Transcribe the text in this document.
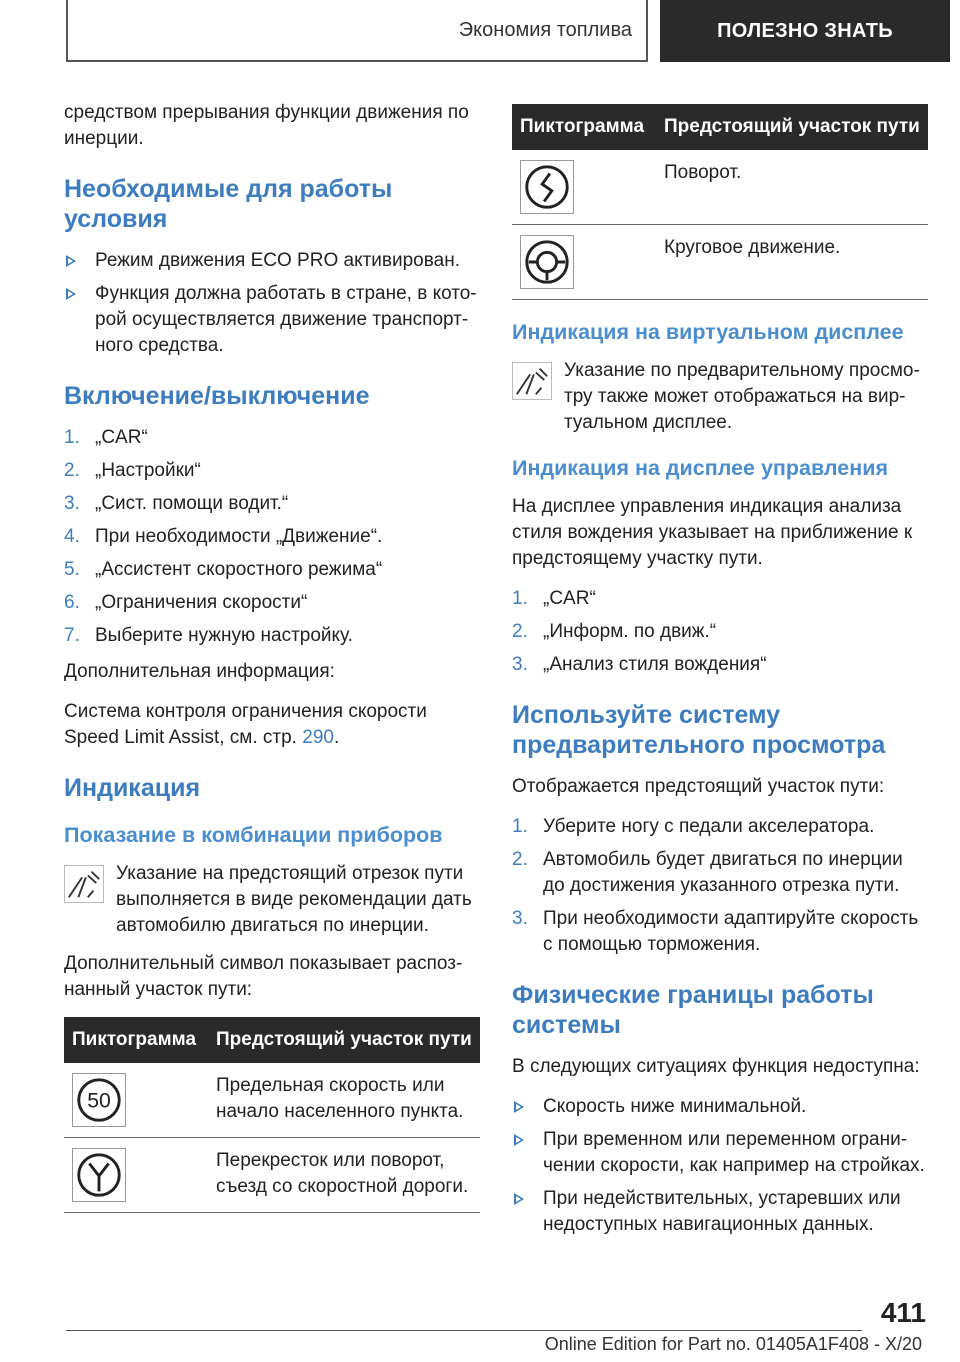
Экономия топлива	ПОЛЕЗНО ЗНАТЬ

средством прерывания функции движения по инерции.

Необходимые для работы условия
Режим движения ECO PRO активирован.
Функция должна работать в стране, в которой осуществляется движение транспортного средства.
Включение/выключение
1. „CAR“
2. „Настройки“
3. „Сист. помощи водит.“
4. При необходимости „Движение“.
5. „Ассистент скоростного режима“
6. „Ограничения скорости“
7. Выберите нужную настройку.

Дополнительная информация:

Система контроля ограничения скорости Speed Limit Assist, см. стр. 290.

Индикация
Показание в комбинации приборов

Указание на предстоящий отрезок пути выполняется в виде рекомендации дать автомобилю двигаться по инерции.

Дополнительный символ показывает распознанный участок пути:

Пиктограмма	Предстоящий участок пути

50	Предельная скорость или начало населенного пункта.

	Перекресток или поворот, съезд со скоростной дороги.
Пиктограмма	Предстоящий участок пути

	Поворот.

	Круговое движение.
Индикация на виртуальном дисплее

Указание по предварительному просмотру также может отображаться на виртуальном дисплее.

Индикация на дисплее управления

На дисплее управления индикация анализа стиля вождения указывает на приближение к предстоящему участку пути.

1. „CAR“
2. „Информ. по движ.“
3. „Анализ стиля вождения“
Используйте систему предварительного просмотра

Отображается предстоящий участок пути:

1. Уберите ногу с педали акселератора.
2. Автомобиль будет двигаться по инерции до достижения указанного отрезка пути.
3. При необходимости адаптируйте скорость с помощью торможения.
Физические границы работы системы

В следующих ситуациях функция недоступна:

Скорость ниже минимальной.
При временном или переменном ограничении скорости, как например на стройках.
При недействительных, устаревших или недоступных навигационных данных.
411
Online Edition for Part no. 01405A1F408 - X/20
